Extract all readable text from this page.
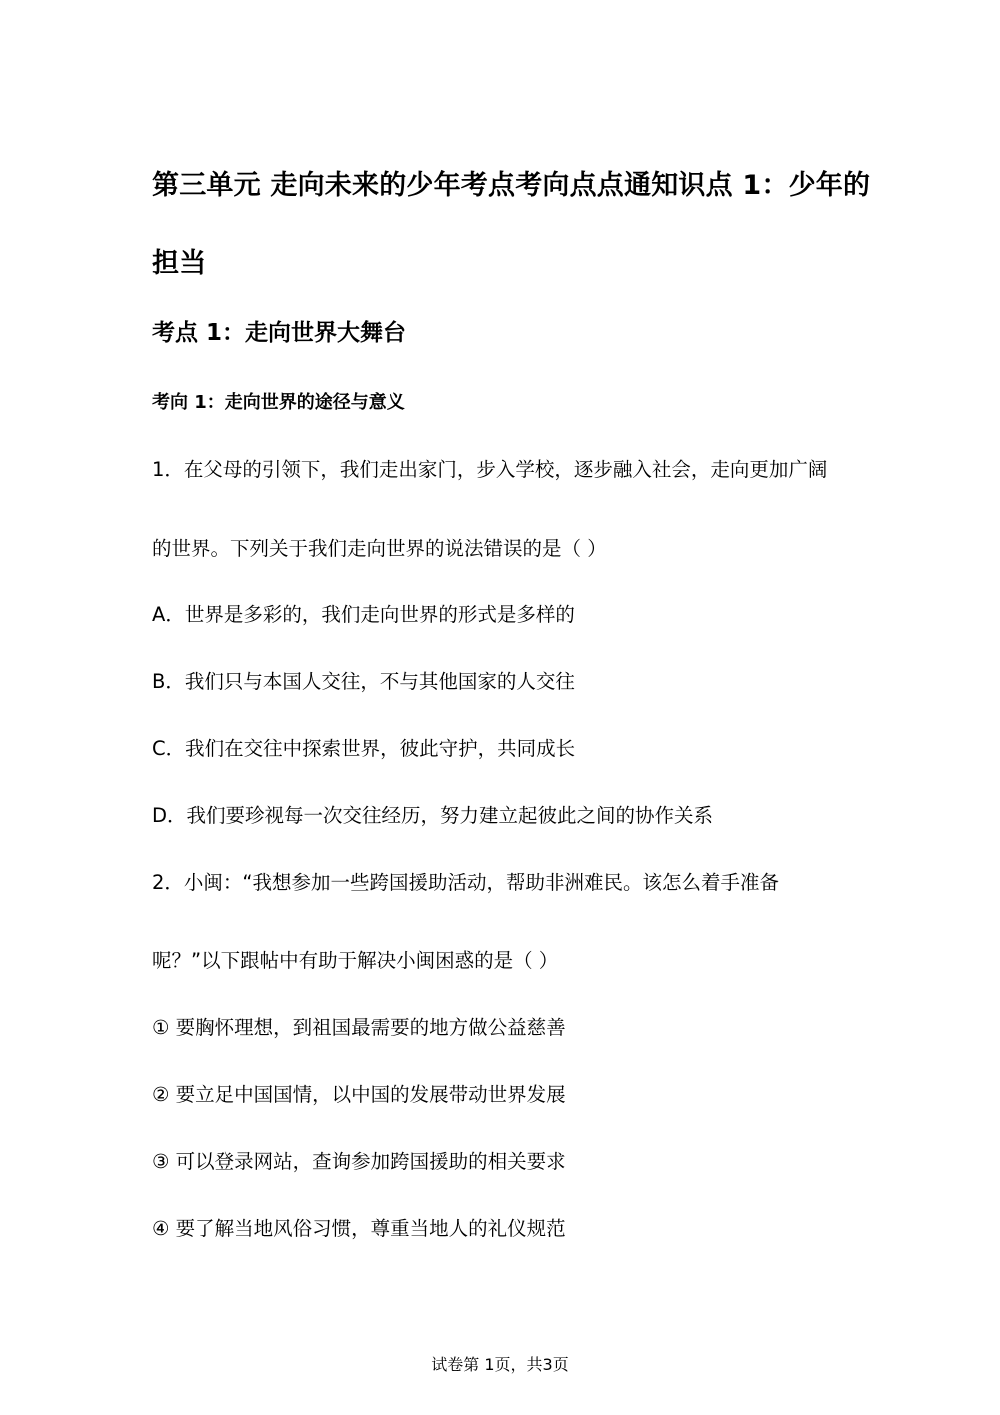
第三单元 走向未来的少年考点考向点点通知识点 1：少年的
担当
考点 1：走向世界大舞台
考向 1：走向世界的途径与意义
1．在父母的引领下，我们走出家门，步入学校，逐步融入社会，走向更加广阔
的世界。下列关于我们走向世界的说法错误的是（ ）
A．世界是多彩的，我们走向世界的形式是多样的
B．我们只与本国人交往，不与其他国家的人交往
C．我们在交往中探索世界，彼此守护，共同成长
D．我们要珍视每一次交往经历，努力建立起彼此之间的协作关系
2．小闽：“我想参加一些跨国援助活动，帮助非洲难民。该怎么着手准备
呢？”以下跟帖中有助于解决小闽困惑的是（ ）
① 要胸怀理想，到祖国最需要的地方做公益慈善
② 要立足中国国情，以中国的发展带动世界发展
③ 可以登录网站，查询参加跨国援助的相关要求
④ 要了解当地风俗习惯，尊重当地人的礼仪规范
试卷第 1页，共3页
